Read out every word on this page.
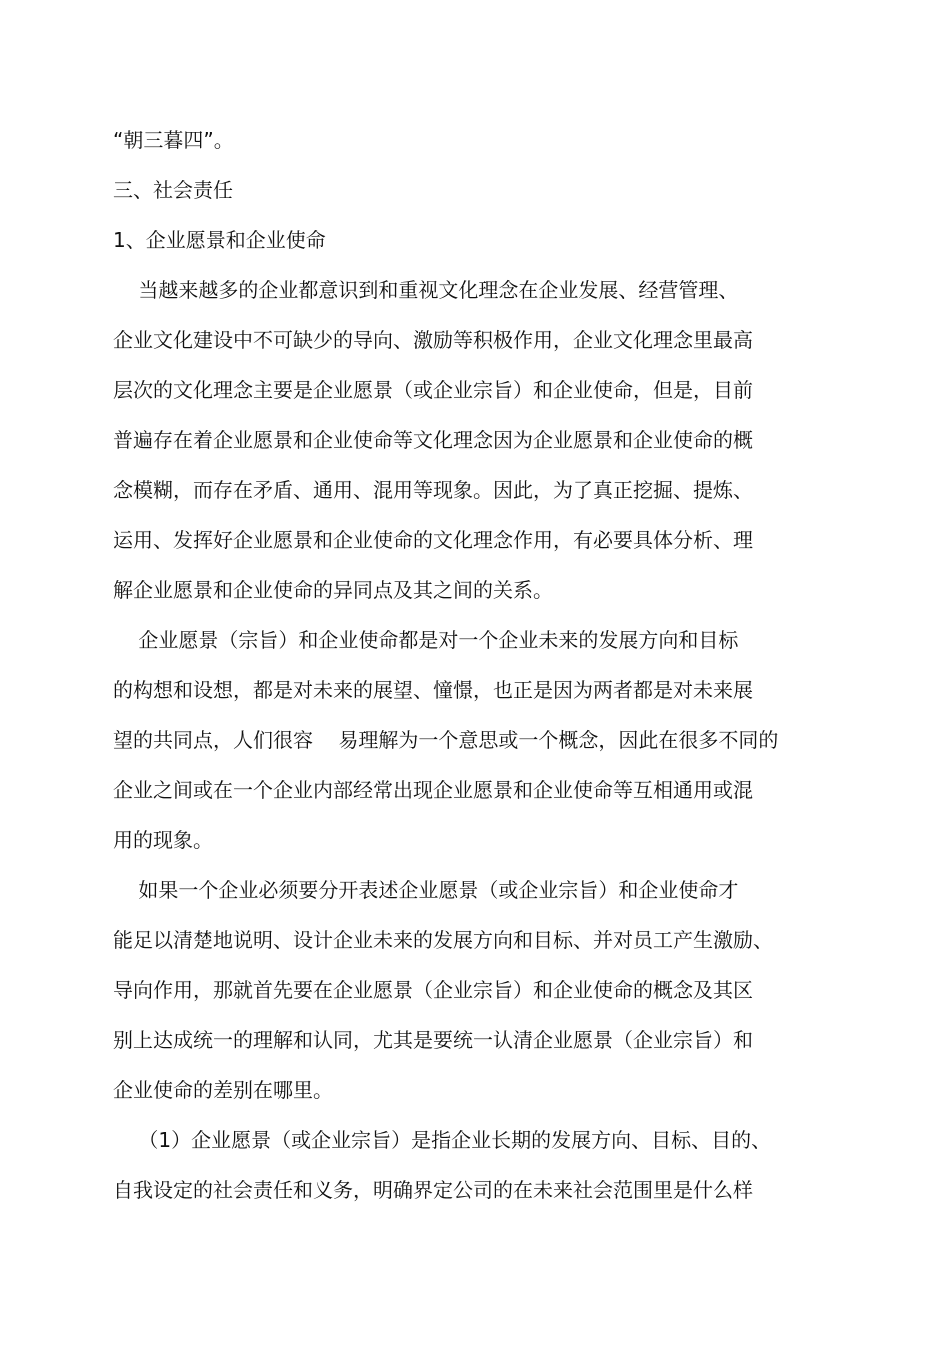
“朝三暮四”。
三、社会责任
1、企业愿景和企业使命
当越来越多的企业都意识到和重视文化理念在企业发展、经营管理、
企业文化建设中不可缺少的导向、激励等积极作用，企业文化理念里最高
层次的文化理念主要是企业愿景（或企业宗旨）和企业使命，但是，目前
普遍存在着企业愿景和企业使命等文化理念因为企业愿景和企业使命的概
念模糊，而存在矛盾、通用、混用等现象。因此，为了真正挖掘、提炼、
运用、发挥好企业愿景和企业使命的文化理念作用，有必要具体分析、理
解企业愿景和企业使命的异同点及其之间的关系。
企业愿景（宗旨）和企业使命都是对一个企业未来的发展方向和目标
的构想和设想，都是对未来的展望、憧憬，也正是因为两者都是对未来展
望的共同点，人们很容    易理解为一个意思或一个概念，因此在很多不同的
企业之间或在一个企业内部经常出现企业愿景和企业使命等互相通用或混
用的现象。
如果一个企业必须要分开表述企业愿景（或企业宗旨）和企业使命才
能足以清楚地说明、设计企业未来的发展方向和目标、并对员工产生激励、
导向作用，那就首先要在企业愿景（企业宗旨）和企业使命的概念及其区
别上达成统一的理解和认同，尤其是要统一认清企业愿景（企业宗旨）和
企业使命的差别在哪里。
（1）企业愿景（或企业宗旨）是指企业长期的发展方向、目标、目的、
自我设定的社会责任和义务，明确界定公司的在未来社会范围里是什么样
